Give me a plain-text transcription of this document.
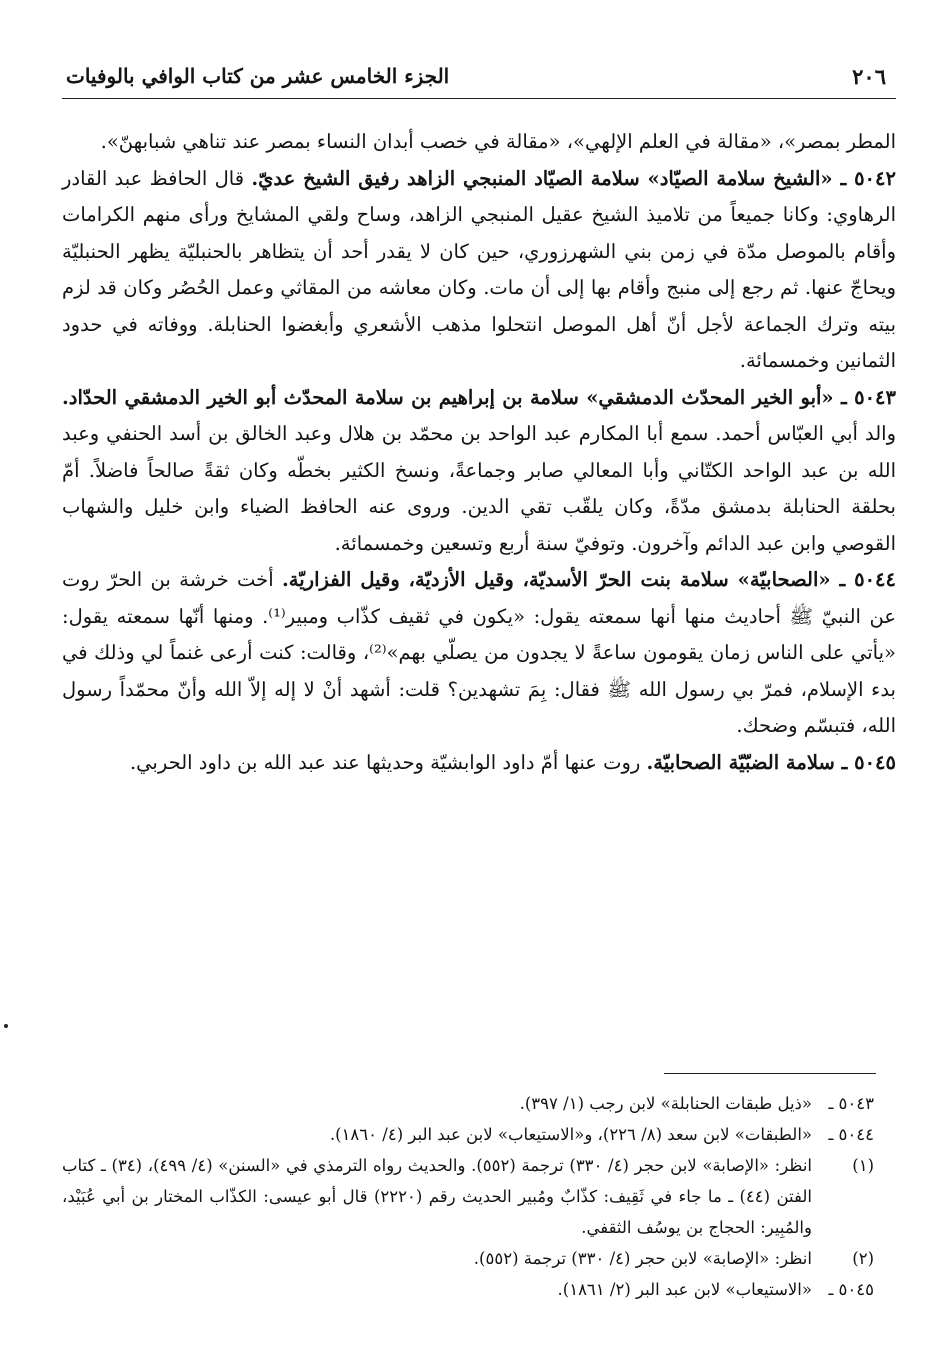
٢٠٦
الجزء الخامس عشر من كتاب الوافي بالوفيات

المطر بمصر»، «مقالة في العلم الإلهي»، «مقالة في خصب أبدان النساء بمصر عند تناهي شبابهنّ».

٥٠٤٢ ـ «الشيخ سلامة الصيّاد» سلامة الصيّاد المنبجي الزاهد رفيق الشيخ عديّ. قال الحافظ عبد القادر الرهاوي: وكانا جميعاً من تلاميذ الشيخ عقيل المنبجي الزاهد، وساح ولقي المشايخ ورأى منهم الكرامات وأقام بالموصل مدّة في زمن بني الشهرزوري، حين كان لا يقدر أحد أن يتظاهر بالحنبليّة يظهر الحنبليّة ويحاجّ عنها. ثم رجع إلى منبج وأقام بها إلى أن مات. وكان معاشه من المقاثي وعمل الحُصُر وكان قد لزم بيته وترك الجماعة لأجل أنّ أهل الموصل انتحلوا مذهب الأشعري وأبغضوا الحنابلة. ووفاته في حدود الثمانين وخمسمائة.

٥٠٤٣ ـ «أبو الخير المحدّث الدمشقي» سلامة بن إبراهيم بن سلامة المحدّث أبو الخير الدمشقي الحدّاد. والد أبي العبّاس أحمد. سمع أبا المكارم عبد الواحد بن محمّد بن هلال وعبد الخالق بن أسد الحنفي وعبد الله بن عبد الواحد الكتّاني وأبا المعالي صابر وجماعةً، ونسخ الكثير بخطّه وكان ثقةً صالحاً فاضلاً. أمّ بحلقة الحنابلة بدمشق مدّةً، وكان يلقّب تقي الدين. وروى عنه الحافظ الضياء وابن خليل والشهاب القوصي وابن عبد الدائم وآخرون. وتوفيّ سنة أربع وتسعين وخمسمائة.

٥٠٤٤ ـ «الصحابيّة» سلامة بنت الحرّ الأسديّة، وقيل الأزديّة، وقيل الفزاريّة. أخت خرشة بن الحرّ روت عن النبيّ ﷺ أحاديث منها أنها سمعته يقول: «يكون في ثقيف كذّاب ومبير⁽¹⁾. ومنها أنّها سمعته يقول: «يأتي على الناس زمان يقومون ساعةً لا يجدون من يصلّي بهم»⁽²⁾، وقالت: كنت أرعى غنماً لي وذلك في بدء الإسلام، فمرّ بي رسول الله ﷺ فقال: بِمَ تشهدين؟ قلت: أشهد أنْ لا إله إلاّ الله وأنّ محمّداً رسول الله، فتبسّم وضحك.

٥٠٤٥ ـ سلامة الضبّيّة الصحابيّة. روت عنها أمّ داود الوابشيّة وحديثها عند عبد الله بن داود الحربي.

٥٠٤٣ ـ
«ذيل طبقات الحنابلة» لابن رجب (١/ ٣٩٧).
٥٠٤٤ ـ
«الطبقات» لابن سعد (٨/ ٢٢٦)، و«الاستيعاب» لابن عبد البر (٤/ ١٨٦٠).
(١)
انظر: «الإصابة» لابن حجر (٤/ ٣٣٠) ترجمة (٥٥٢). والحديث رواه الترمذي في «السنن» (٤/ ٤٩٩)، (٣٤) ـ كتاب الفتن (٤٤) ـ ما جاء في ثَقِيف: كذّابٌ ومُبير الحديث رقم (٢٢٢٠) قال أبو عيسى: الكذّاب المختار بن أبي عُبَيْد، والمُبِير: الحجاج بن يوسُف الثقفي.
(٢)
انظر: «الإصابة» لابن حجر (٤/ ٣٣٠) ترجمة (٥٥٢).
٥٠٤٥ ـ
«الاستيعاب» لابن عبد البر (٢/ ١٨٦١).
